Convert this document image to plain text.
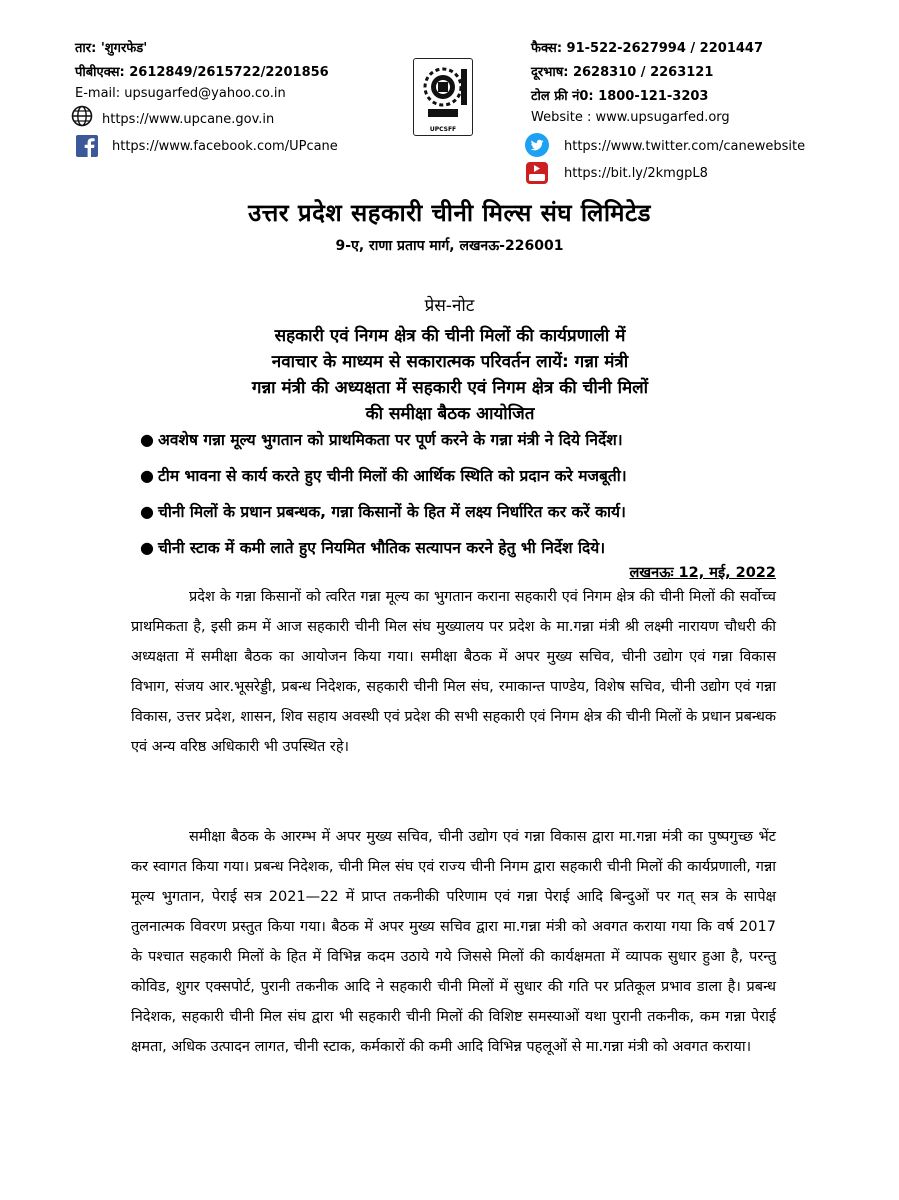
तार: 'शुगरफेड'
पीबीएक्स: 2612849/2615722/2201856
E-mail: upsugarfed@yahoo.co.in
https://www.upcane.gov.in
https://www.facebook.com/UPcane
UPCSFF
फैक्स: 91-522-2627994 / 2201447
दूरभाष: 2628310 / 2263121
टोल फ्री नं0: 1800-121-3203
Website : www.upsugarfed.org
https://www.twitter.com/canewebsite
https://bit.ly/2kmgpL8
उत्तर प्रदेश सहकारी चीनी मिल्स संघ लिमिटेड
9-ए, राणा प्रताप मार्ग, लखनऊ-226001
प्रेस-नोट
सहकारी एवं निगम क्षेत्र की चीनी मिलों की कार्यप्रणाली में
नवाचार के माध्यम से सकारात्मक परिवर्तन लायें: गन्ना मंत्री
गन्ना मंत्री की अध्यक्षता में सहकारी एवं निगम क्षेत्र की चीनी मिलों
की समीक्षा बैठक आयोजित
● अवशेष गन्ना मूल्य भुगतान को प्राथमिकता पर पूर्ण करने के गन्ना मंत्री ने दिये निर्देश।
● टीम भावना से कार्य करते हुए चीनी मिलों की आर्थिक स्थिति को प्रदान करे मजबूती।
● चीनी मिलों के प्रधान प्रबन्धक, गन्ना किसानों के हित में लक्ष्य निर्धारित कर करें कार्य।
● चीनी स्टाक में कमी लाते हुए नियमित भौतिक सत्यापन करने हेतु भी निर्देश दिये।
लखनऊः 12, मई, 2022
प्रदेश के गन्ना किसानों को त्वरित गन्ना मूल्य का भुगतान कराना सहकारी एवं निगम क्षेत्र की चीनी मिलों की सर्वोच्च प्राथमिकता है, इसी क्रम में आज सहकारी चीनी मिल संघ मुख्यालय पर प्रदेश के मा.गन्ना मंत्री श्री लक्ष्मी नारायण चौधरी की अध्यक्षता में समीक्षा बैठक का आयोजन किया गया। समीक्षा बैठक में अपर मुख्य सचिव, चीनी उद्योग एवं गन्ना विकास विभाग, संजय आर.भूसरेड्डी, प्रबन्ध निदेशक, सहकारी चीनी मिल संघ, रमाकान्त पाण्डेय, विशेष सचिव, चीनी उद्योग एवं गन्ना विकास, उत्तर प्रदेश, शासन, शिव सहाय अवस्थी एवं प्रदेश की सभी सहकारी एवं निगम क्षेत्र की चीनी मिलों के प्रधान प्रबन्धक एवं अन्य वरिष्ठ अधिकारी भी उपस्थित रहे।
समीक्षा बैठक के आरम्भ में अपर मुख्य सचिव, चीनी उद्योग एवं गन्ना विकास द्वारा मा.गन्ना मंत्री का पुष्पगुच्छ भेंट कर स्वागत किया गया। प्रबन्ध निदेशक, चीनी मिल संघ एवं राज्य चीनी निगम द्वारा सहकारी चीनी मिलों की कार्यप्रणाली, गन्ना मूल्य भुगतान, पेराई सत्र 2021—22 में प्राप्त तकनीकी परिणाम एवं गन्ना पेराई आदि बिन्दुओं पर गत् सत्र के सापेक्ष तुलनात्मक विवरण प्रस्तुत किया गया। बैठक में अपर मुख्य सचिव द्वारा मा.गन्ना मंत्री को अवगत कराया गया कि वर्ष 2017 के पश्चात सहकारी मिलों के हित में विभिन्न कदम उठाये गये जिससे मिलों की कार्यक्षमता में व्यापक सुधार हुआ है, परन्तु कोविड, शुगर एक्सपोर्ट, पुरानी तकनीक आदि ने सहकारी चीनी मिलों में सुधार की गति पर प्रतिकूल प्रभाव डाला है। प्रबन्ध निदेशक, सहकारी चीनी मिल संघ द्वारा भी सहकारी चीनी मिलों की विशिष्ट समस्याओं यथा पुरानी तकनीक, कम गन्ना पेराई क्षमता, अधिक उत्पादन लागत, चीनी स्टाक, कर्मकारों की कमी आदि विभिन्न पहलूओं से मा.गन्ना मंत्री को अवगत कराया।
